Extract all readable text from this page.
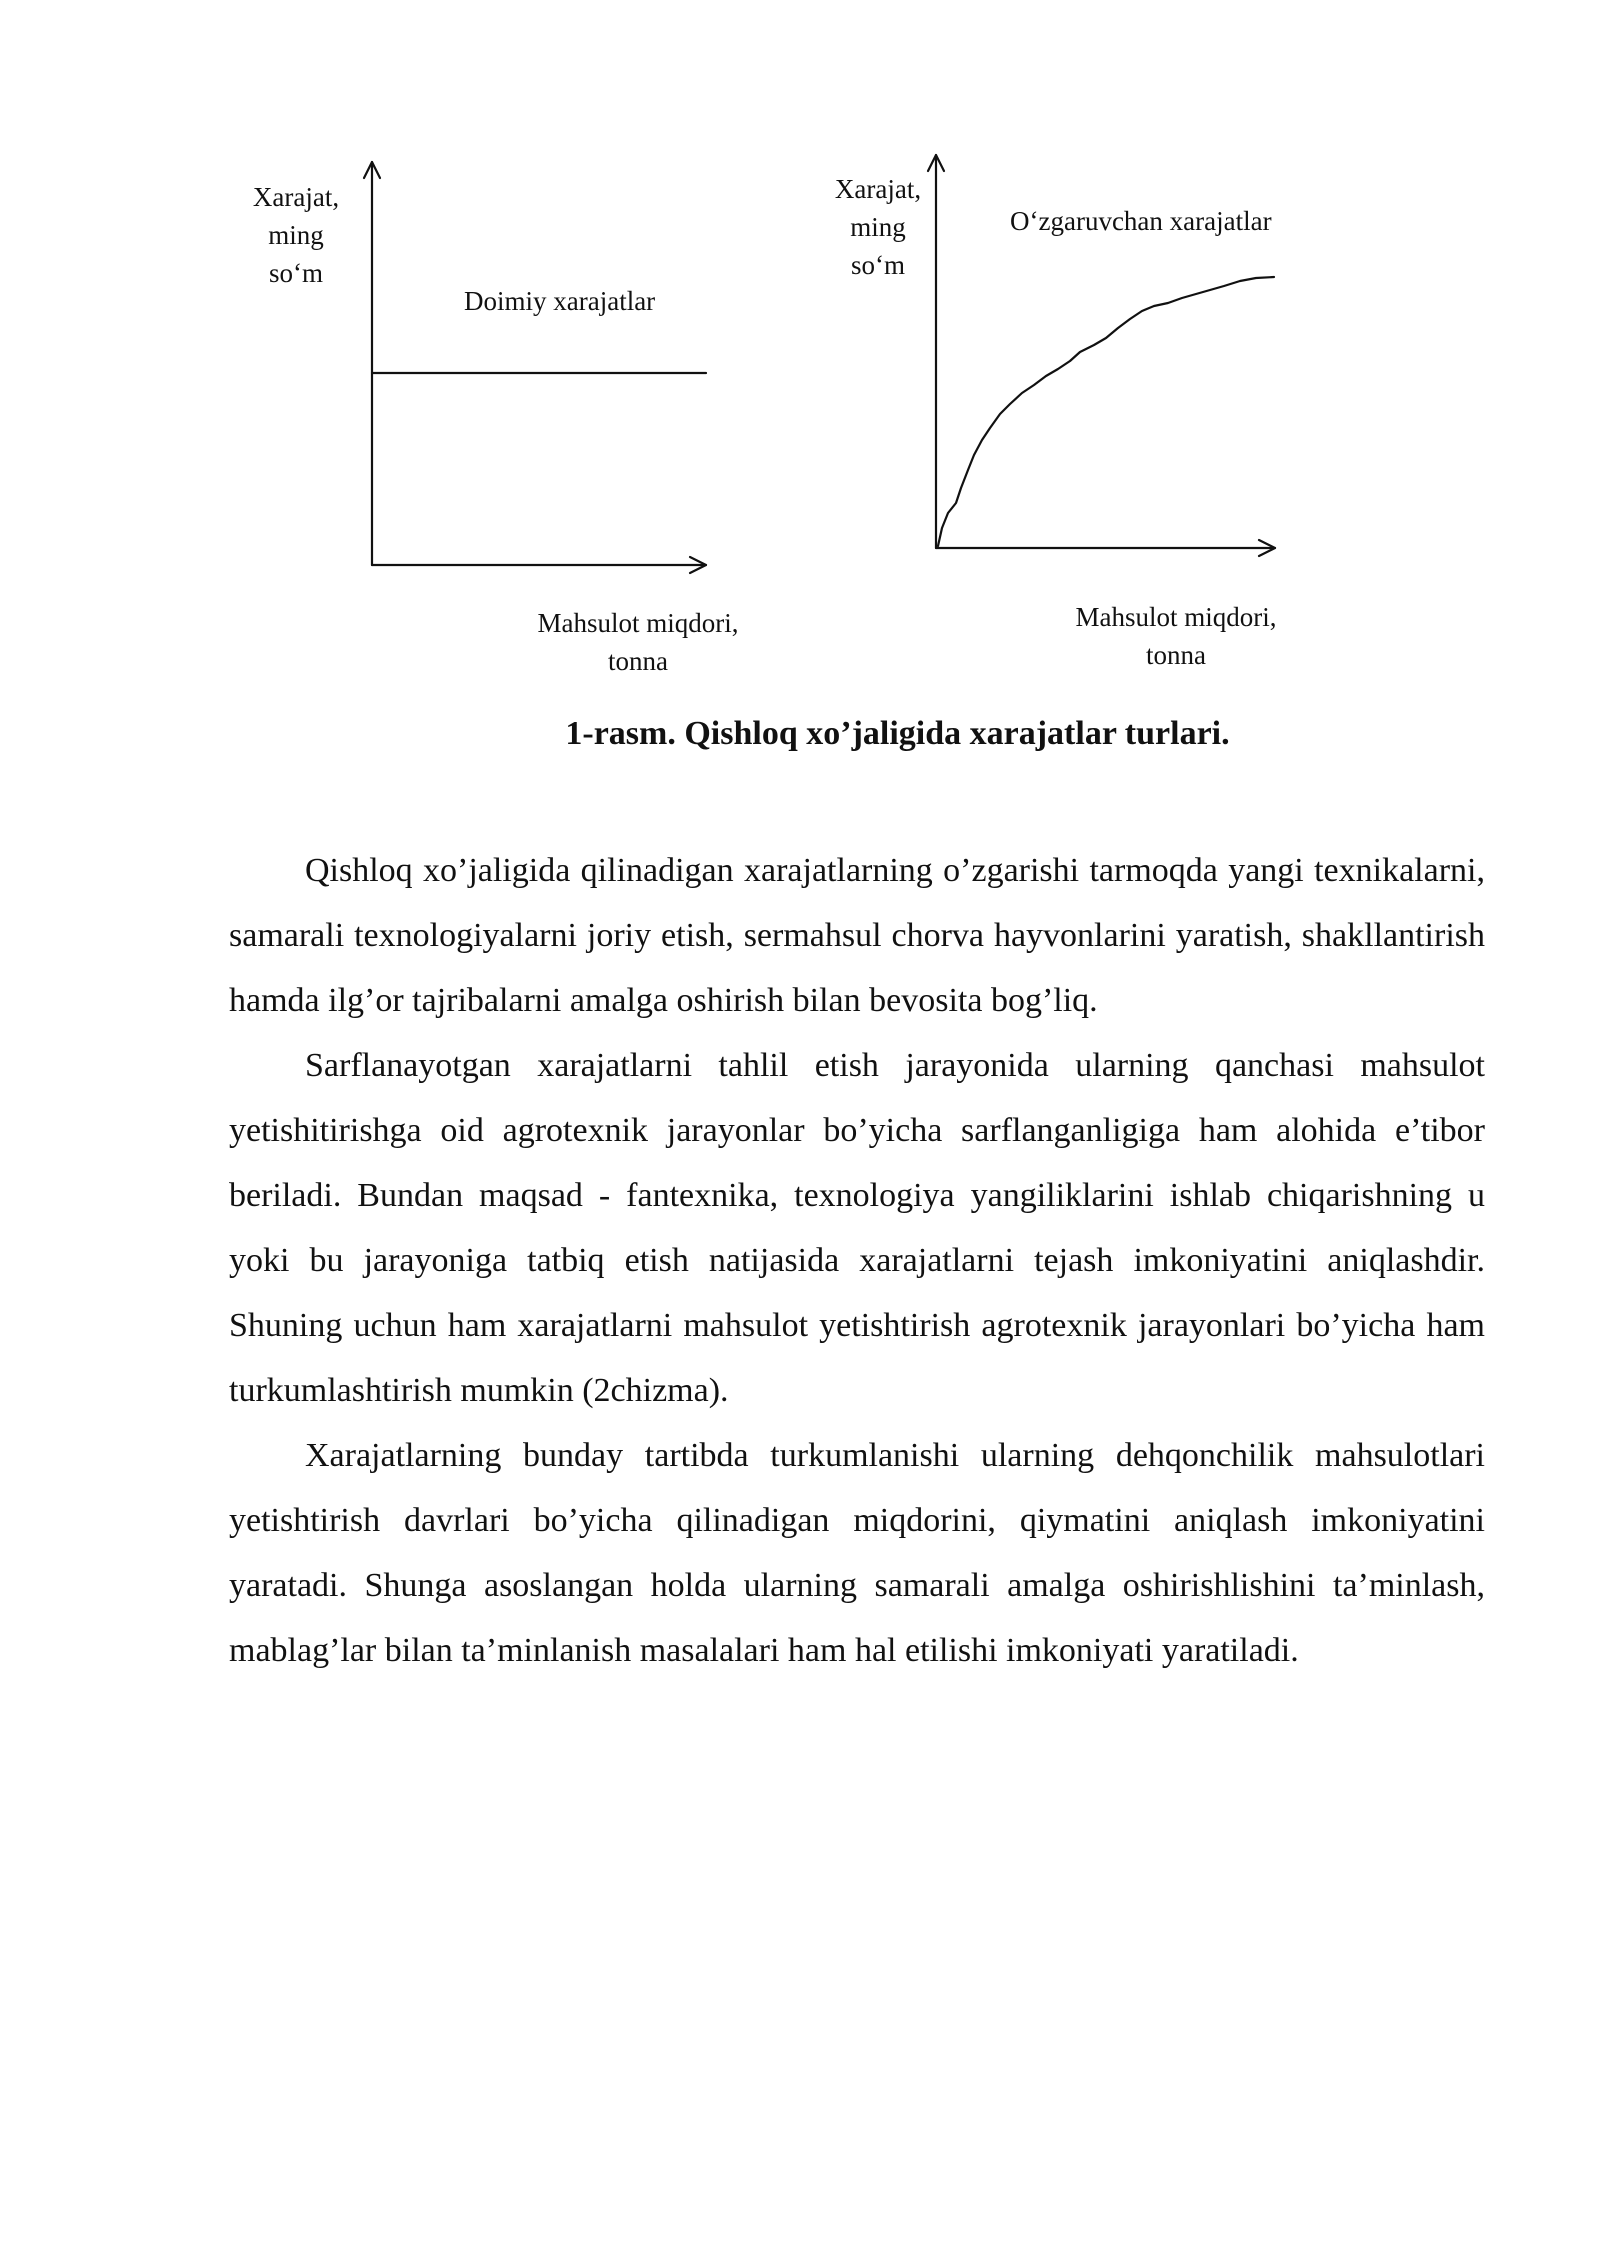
Xarajat,
ming
so‘m
Doimiy xarajatlar
Mahsulot miqdori,
tonna
Xarajat,
ming
so‘m
O‘zgaruvchan xarajatlar
Mahsulot miqdori,
tonna
1-rasm. Qishloq xo’jaligida xarajatlar turlari.

Qishloq xo’jaligida qilinadigan xarajatlarning o’zgarishi tarmoqda yangi texnikalarni, samarali texnologiyalarni joriy etish, sermahsul chorva hayvonlarini yaratish, shakllantirish hamda ilg’or tajribalarni amalga oshirish bilan bevosita bog’liq.

Sarflanayotgan xarajatlarni tahlil etish jarayonida ularning qanchasi mahsulot yetishitirishga oid agrotexnik jarayonlar bo’yicha sarflanganligiga ham alohida e’tibor beriladi. Bundan maqsad - fantexnika, texnologiya yangiliklarini ishlab chiqarishning u yoki bu jarayoniga tatbiq etish natijasida xarajatlarni tejash imkoniyatini aniqlashdir. Shuning uchun ham xarajatlarni mahsulot yetishtirish agrotexnik jarayonlari bo’yicha ham turkumlashtirish mumkin (2chizma).

Xarajatlarning bunday tartibda turkumlanishi ularning dehqonchilik mahsulotlari yetishtirish davrlari bo’yicha qilinadigan miqdorini, qiymatini aniqlash imkoniyatini yaratadi. Shunga asoslangan holda ularning samarali amalga oshirishlishini ta’minlash, mablag’lar bilan ta’minlanish masalalari ham hal etilishi imkoniyati yaratiladi.
